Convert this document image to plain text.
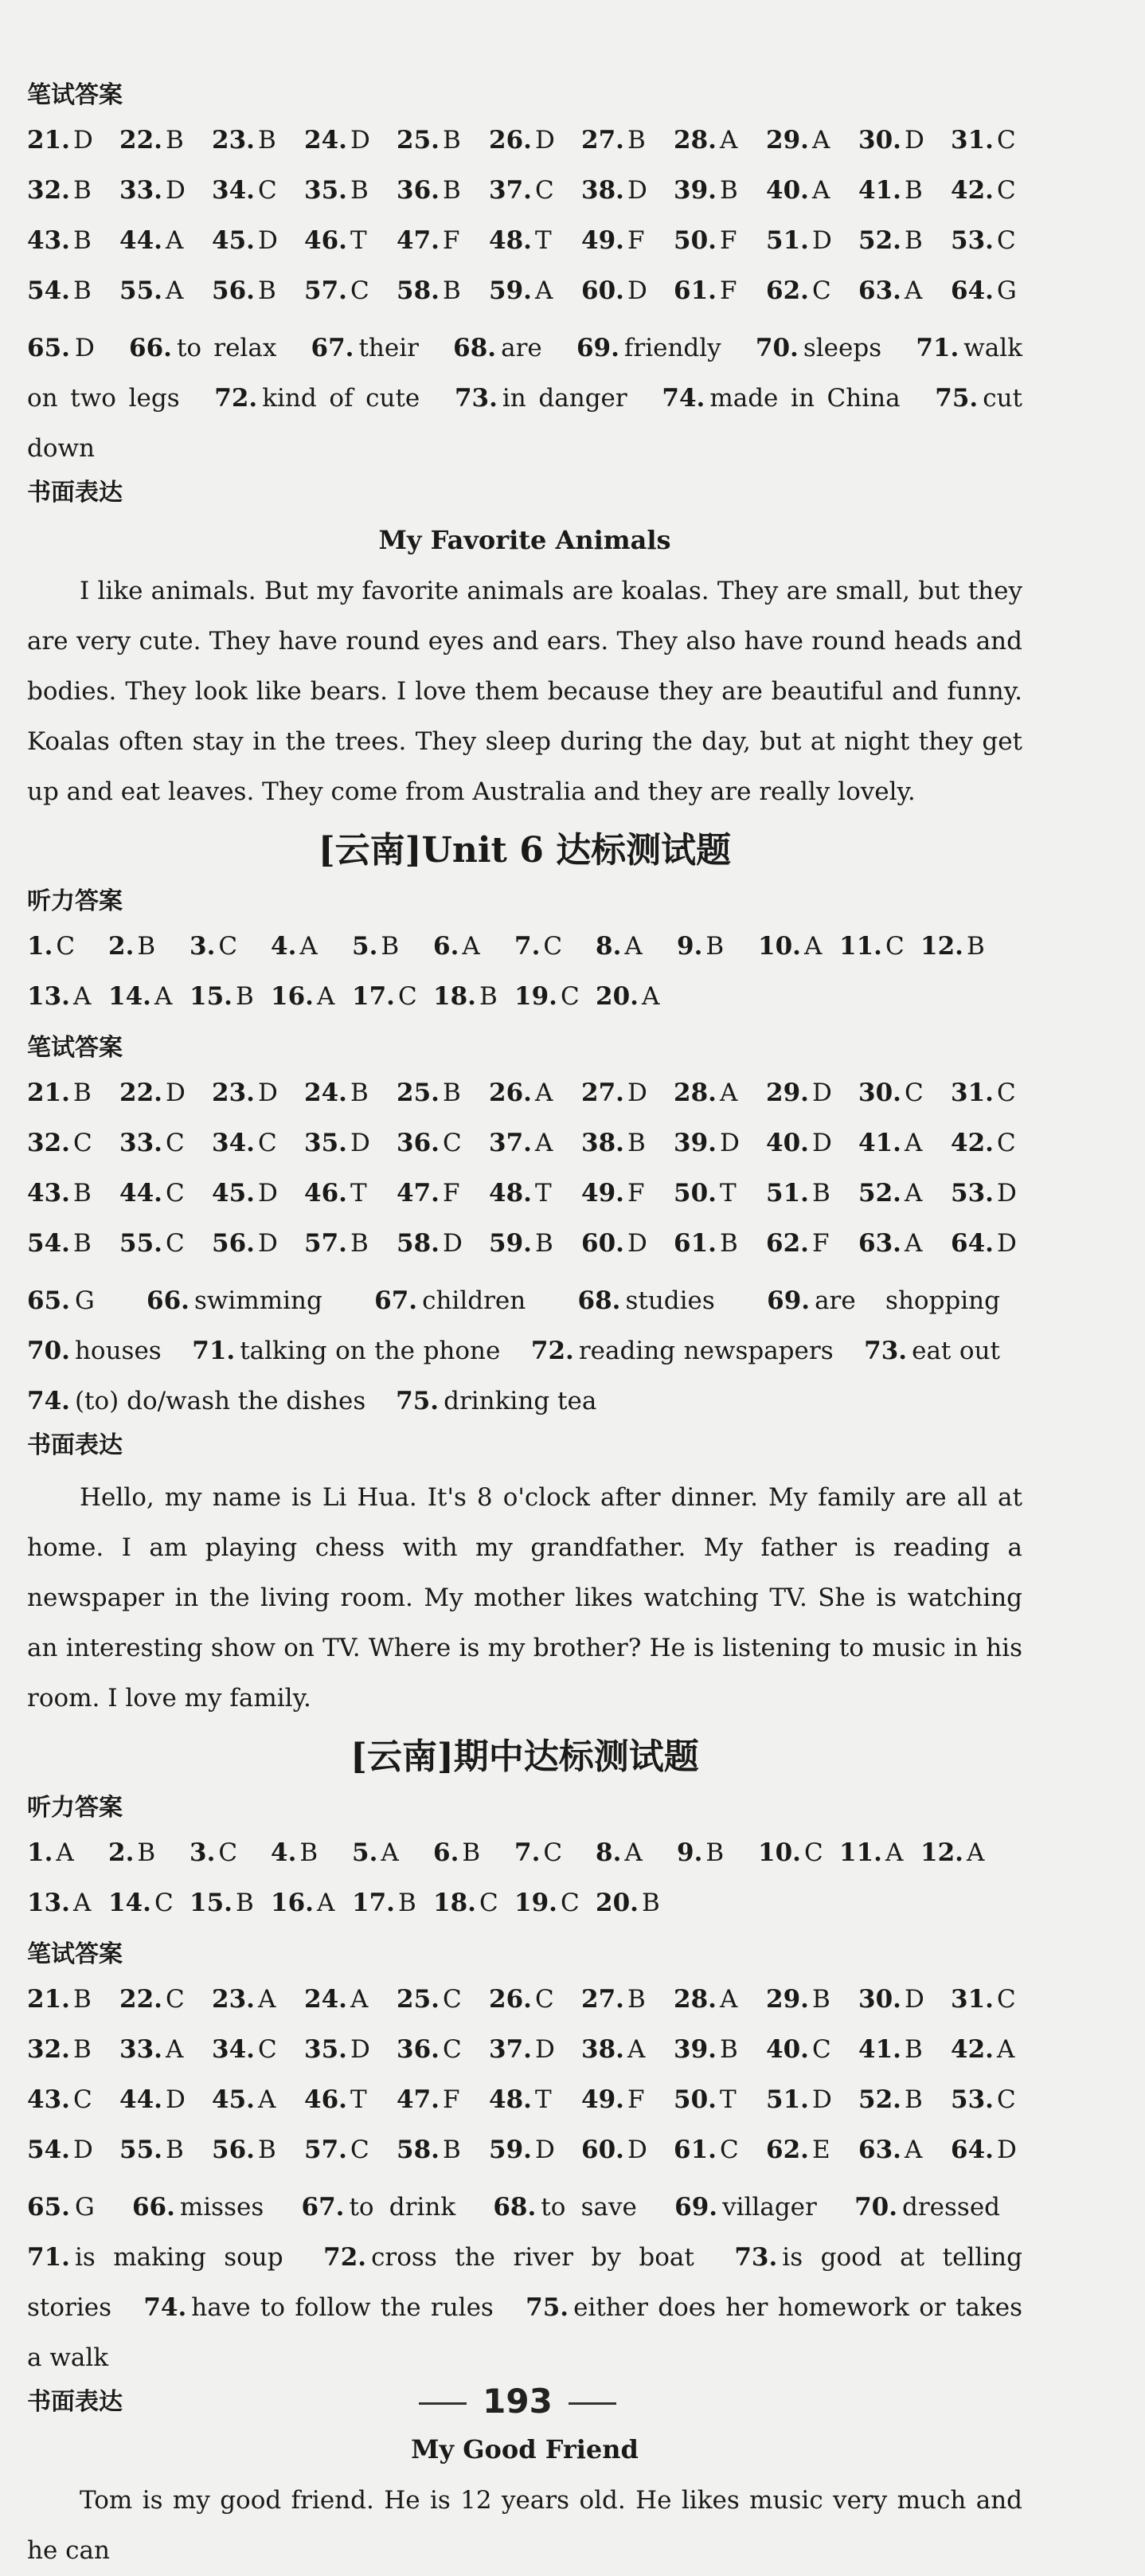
笔试答案
21. D	22. B	23. B	24. D	25. B	26. D	27. B	28. A	29. A	30. D	31. C
32. B	33. D	34. C	35. B	36. B	37. C	38. D	39. B	40. A	41. B	42. C
43. B	44. A	45. D	46. T	47. F	48. T	49. F	50. F	51. D	52. B	53. C
54. B	55. A	56. B	57. C	58. B	59. A	60. D	61. F	62. C	63. A	64. G
65. D 66. to relax 67. their 68. are 69. friendly 70. sleeps 71. walk on two legs 72. kind of cute 73. in danger 74. made in China 75. cut down
书面表达
My Favorite Animals

I like animals. But my favorite animals are koalas. They are small, but they are very cute. They have round eyes and ears. They also have round heads and bodies. They look like bears. I love them because they are beautiful and funny. Koalas often stay in the trees. They sleep during the day, but at night they get up and eat leaves. They come from Australia and they are really lovely.

[云南]Unit 6 达标测试题
听力答案
1. C	2. B	3. C	4. A	5. B	6. A	7. C	8. A	9. B	10. A 11. C 12. B
13. A 14. A 15. B 16. A 17. C 18. B 19. C 20. A
笔试答案
21. B	22. D	23. D	24. B	25. B	26. A	27. D	28. A	29. D	30. C	31. C
32. C	33. C	34. C	35. D	36. C	37. A	38. B	39. D	40. D	41. A	42. C
43. B	44. C	45. D	46. T	47. F	48. T	49. F	50. T	51. B	52. A	53. D
54. B	55. C	56. D	57. B	58. D	59. B	60. D	61. B	62. F	63. A	64. D
65. G 66. swimming 67. children 68. studies 69. are shopping 70. houses 71. talking on the phone 72. reading newspapers 73. eat out 74. (to) do/wash the dishes 75. drinking tea
书面表达

Hello, my name is Li Hua. It's 8 o'clock after dinner. My family are all at home. I am playing chess with my grandfather. My father is reading a newspaper in the living room. My mother likes watching TV. She is watching an interesting show on TV. Where is my brother? He is listening to music in his room. I love my family.

[云南]期中达标测试题
听力答案
1. A	2. B	3. C	4. B	5. A	6. B	7. C	8. A	9. B	10. C 11. A 12. A
13. A 14. C 15. B 16. A 17. B 18. C 19. C 20. B
笔试答案
21. B	22. C	23. A	24. A	25. C	26. C	27. B	28. A	29. B	30. D	31. C
32. B	33. A	34. C	35. D	36. C	37. D	38. A	39. B	40. C	41. B	42. A
43. C	44. D	45. A	46. T	47. F	48. T	49. F	50. T	51. D	52. B	53. C
54. D	55. B	56. B	57. C	58. B	59. D	60. D	61. C	62. E	63. A	64. D
65. G 66. misses 67. to drink 68. to save 69. villager 70. dressed 71. is making soup 72. cross the river by boat 73. is good at telling stories 74. have to follow the rules 75. either does her homework or takes a walk
书面表达
My Good Friend

Tom is my good friend. He is 12 years old. He likes music very much and he can

193
